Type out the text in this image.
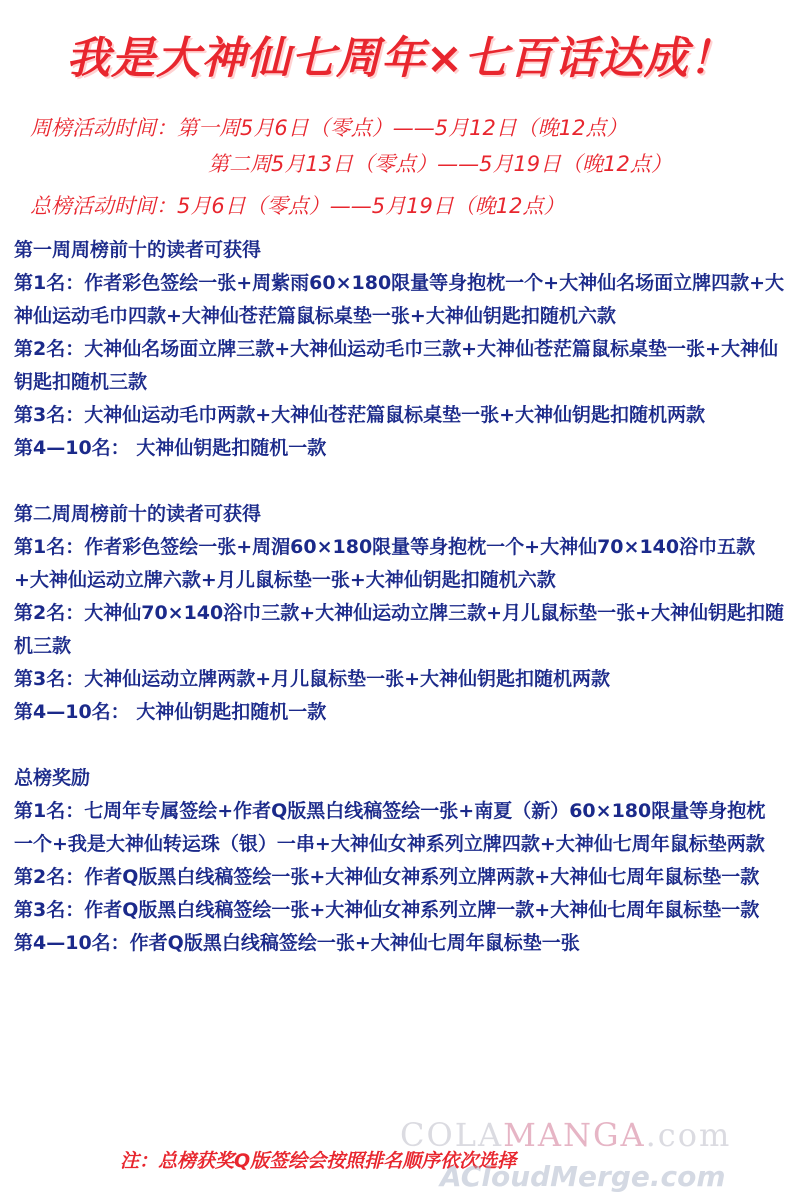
我是大神仙七周年×七百话达成！
周榜活动时间：第一周5月6日（零点）——5月12日（晚12点）
第二周5月13日（零点）——5月19日（晚12点）
总榜活动时间：5月6日（零点）——5月19日（晚12点）

第一周周榜前十的读者可获得

第1名：作者彩色签绘一张+周紫雨60×180限量等身抱枕一个+大神仙名场面立牌四款+大神仙运动毛巾四款+大神仙苍茫篇鼠标桌垫一张+大神仙钥匙扣随机六款

第2名：大神仙名场面立牌三款+大神仙运动毛巾三款+大神仙苍茫篇鼠标桌垫一张+大神仙钥匙扣随机三款

第3名：大神仙运动毛巾两款+大神仙苍茫篇鼠标桌垫一张+大神仙钥匙扣随机两款

第4—10名： 大神仙钥匙扣随机一款

第二周周榜前十的读者可获得

第1名：作者彩色签绘一张+周湄60×180限量等身抱枕一个+大神仙70×140浴巾五款+大神仙运动立牌六款+月儿鼠标垫一张+大神仙钥匙扣随机六款

第2名：大神仙70×140浴巾三款+大神仙运动立牌三款+月儿鼠标垫一张+大神仙钥匙扣随机三款

第3名：大神仙运动立牌两款+月儿鼠标垫一张+大神仙钥匙扣随机两款

第4—10名： 大神仙钥匙扣随机一款

总榜奖励

第1名：七周年专属签绘+作者Q版黑白线稿签绘一张+南夏（新）60×180限量等身抱枕一个+我是大神仙转运珠（银）一串+大神仙女神系列立牌四款+大神仙七周年鼠标垫两款

第2名：作者Q版黑白线稿签绘一张+大神仙女神系列立牌两款+大神仙七周年鼠标垫一款

第3名：作者Q版黑白线稿签绘一张+大神仙女神系列立牌一款+大神仙七周年鼠标垫一款

第4—10名：作者Q版黑白线稿签绘一张+大神仙七周年鼠标垫一张

COLAMANGA.com
注：总榜获奖Q版签绘会按照排名顺序依次选择
ACloudMerge.com
